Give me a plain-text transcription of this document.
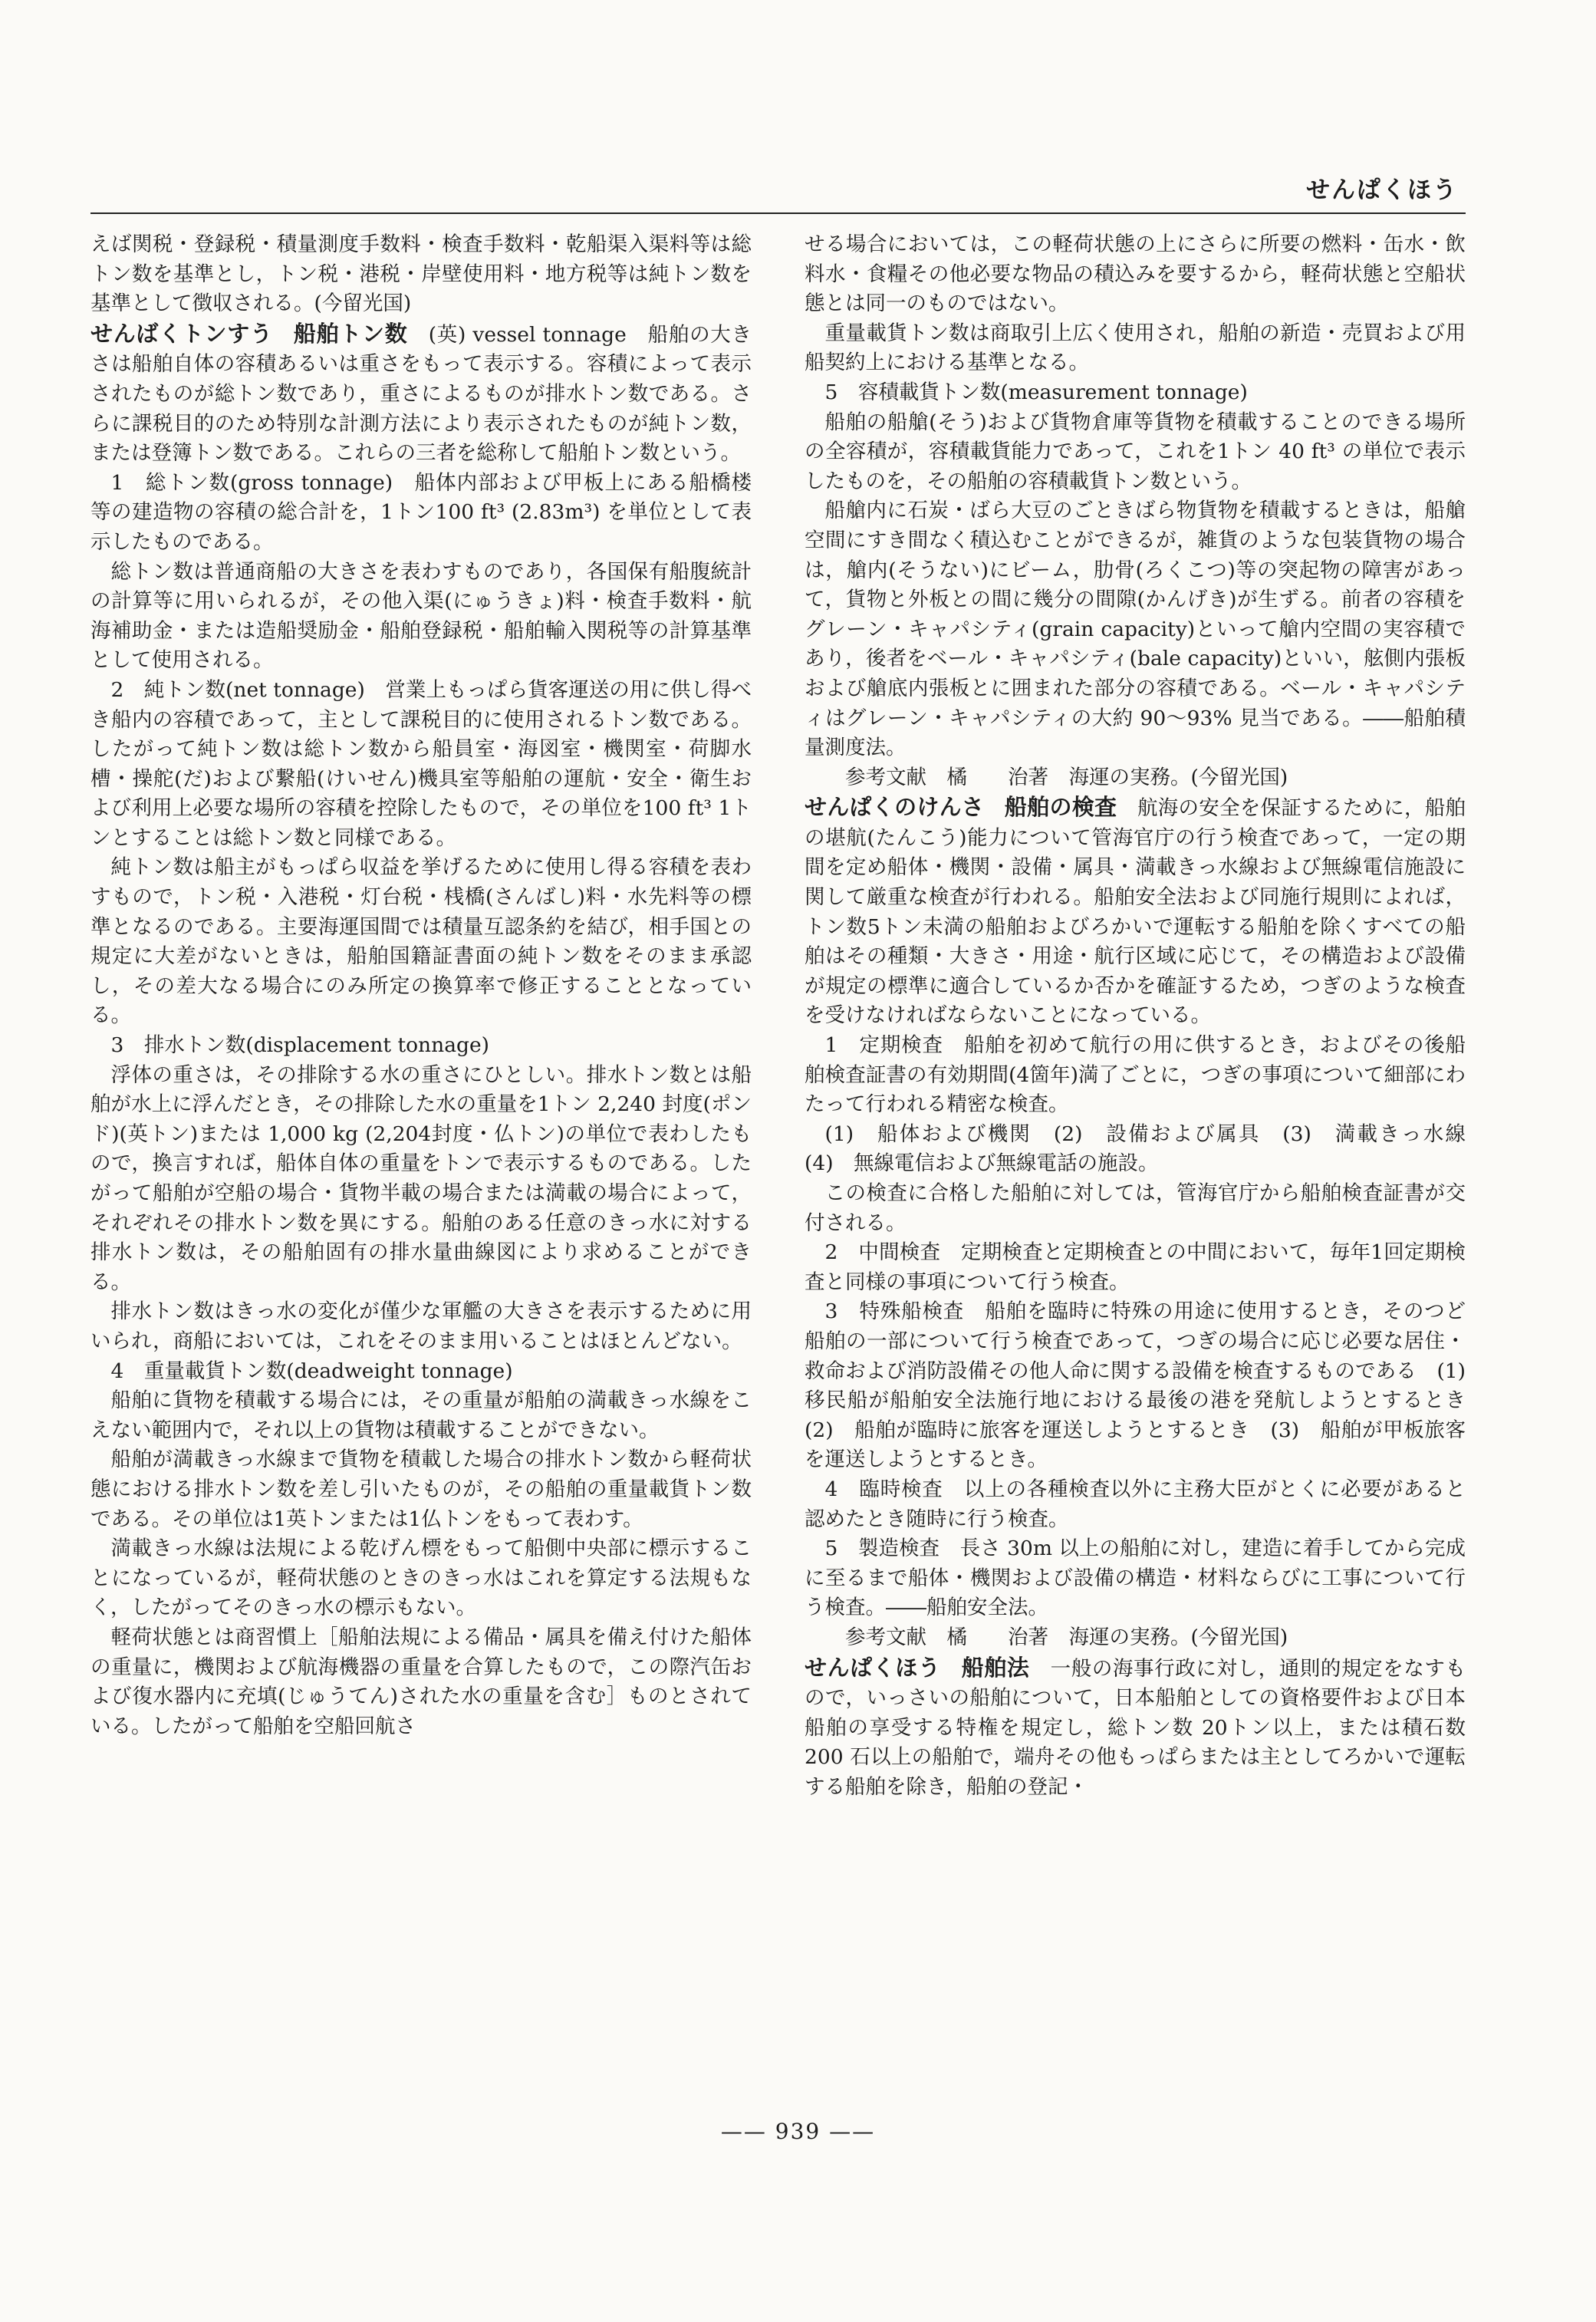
せんぱくほう

えば関税・登録税・積量測度手数料・検査手数料・乾船渠入渠料等は総トン数を基準とし，トン税・港税・岸壁使用料・地方税等は純トン数を基準として徴収される。(今留光国)

せんばくトンすう　 船舶トン数　 (英) vessel tonnage　船舶の大きさは船舶自体の容積あるいは重さをもって表示する。容積によって表示されたものが総トン数であり，重さによるものが排水トン数である。さらに課税目的のため特別な計測方法により表示されたものが純トン数，または登簿トン数である。これらの三者を総称して船舶トン数という。

1　総トン数(gross tonnage)　船体内部および甲板上にある船橋楼等の建造物の容積の総合計を，1トン100 ft³ (2.83m³) を単位として表示したものである。

総トン数は普通商船の大きさを表わすものであり，各国保有船腹統計の計算等に用いられるが，その他入渠(にゅうきょ)料・検査手数料・航海補助金・または造船奨励金・船舶登録税・船舶輸入関税等の計算基準として使用される。

2　純トン数(net tonnage)　営業上もっぱら貨客運送の用に供し得べき船内の容積であって，主として課税目的に使用されるトン数である。したがって純トン数は総トン数から船員室・海図室・機関室・荷脚水槽・操舵(だ)および繋船(けいせん)機具室等船舶の運航・安全・衛生および利用上必要な場所の容積を控除したもので，その単位を100 ft³ 1トンとすることは総トン数と同様である。

純トン数は船主がもっぱら収益を挙げるために使用し得る容積を表わすもので，トン税・入港税・灯台税・桟橋(さんばし)料・水先料等の標準となるのである。主要海運国間では積量互認条約を結び，相手国との規定に大差がないときは，船舶国籍証書面の純トン数をそのまま承認し，その差大なる場合にのみ所定の換算率で修正することとなっている。

3　排水トン数(displacement tonnage)

浮体の重さは，その排除する水の重さにひとしい。排水トン数とは船舶が水上に浮んだとき，その排除した水の重量を1トン 2,240 封度(ポンド)(英トン)または 1,000 kg (2,204封度・仏トン)の単位で表わしたもので，換言すれば，船体自体の重量をトンで表示するものである。したがって船舶が空船の場合・貨物半載の場合または満載の場合によって，それぞれその排水トン数を異にする。船舶のある任意のきっ水に対する排水トン数は，その船舶固有の排水量曲線図により求めることができる。

排水トン数はきっ水の変化が僅少な軍艦の大きさを表示するために用いられ，商船においては，これをそのまま用いることはほとんどない。

4　重量載貨トン数(deadweight tonnage)

船舶に貨物を積載する場合には，その重量が船舶の満載きっ水線をこえない範囲内で，それ以上の貨物は積載することができない。

船舶が満載きっ水線まで貨物を積載した場合の排水トン数から軽荷状態における排水トン数を差し引いたものが，その船舶の重量載貨トン数である。その単位は1英トンまたは1仏トンをもって表わす。

満載きっ水線は法規による乾げん標をもって船側中央部に標示することになっているが，軽荷状態のときのきっ水はこれを算定する法規もなく，したがってそのきっ水の標示もない。

軽荷状態とは商習慣上［船舶法規による備品・属具を備え付けた船体の重量に，機関および航海機器の重量を合算したもので，この際汽缶および復水器内に充填(じゅうてん)された水の重量を含む］ものとされている。したがって船舶を空船回航さ

せる場合においては，この軽荷状態の上にさらに所要の燃料・缶水・飲料水・食糧その他必要な物品の積込みを要するから，軽荷状態と空船状態とは同一のものではない。

重量載貨トン数は商取引上広く使用され，船舶の新造・売買および用船契約上における基準となる。

5　容積載貨トン数(measurement tonnage)

船舶の船艙(そう)および貨物倉庫等貨物を積載することのできる場所の全容積が，容積載貨能力であって，これを1トン 40 ft³ の単位で表示したものを，その船舶の容積載貨トン数という。

船艙内に石炭・ばら大豆のごときばら物貨物を積載するときは，船艙空間にすき間なく積込むことができるが，雑貨のような包装貨物の場合は，艙内(そうない)にビーム，肋骨(ろくこつ)等の突起物の障害があって，貨物と外板との間に幾分の間隙(かんげき)が生ずる。前者の容積をグレーン・キャパシティ(grain capacity)といって艙内空間の実容積であり，後者をベール・キャパシティ(bale capacity)といい，舷側内張板および艙底内張板とに囲まれた部分の容積である。ベール・キャパシティはグレーン・キャパシティの大約 90～93% 見当である。――船舶積量測度法。

参考文献　橘　　治著　海運の実務。(今留光国)

せんぱくのけんさ　 船舶の検査　 航海の安全を保証するために，船舶の堪航(たんこう)能力について管海官庁の行う検査であって，一定の期間を定め船体・機関・設備・属具・満載きっ水線および無線電信施設に関して厳重な検査が行われる。船舶安全法および同施行規則によれば，トン数5トン未満の船舶およびろかいで運転する船舶を除くすべての船舶はその種類・大きさ・用途・航行区域に応じて，その構造および設備が規定の標準に適合しているか否かを確証するため，つぎのような検査を受けなければならないことになっている。

1　定期検査　船舶を初めて航行の用に供するとき，およびその後船舶検査証書の有効期間(4箇年)満了ごとに，つぎの事項について細部にわたって行われる精密な検査。

(1)　船体および機関　(2)　設備および属具　(3)　満載きっ水線　(4)　無線電信および無線電話の施設。

この検査に合格した船舶に対しては，管海官庁から船舶検査証書が交付される。

2　中間検査　定期検査と定期検査との中間において，毎年1回定期検査と同様の事項について行う検査。

3　特殊船検査　船舶を臨時に特殊の用途に使用するとき，そのつど船舶の一部について行う検査であって，つぎの場合に応じ必要な居住・救命および消防設備その他人命に関する設備を検査するものである　(1)　移民船が船舶安全法施行地における最後の港を発航しようとするとき　(2)　船舶が臨時に旅客を運送しようとするとき　(3)　船舶が甲板旅客を運送しようとするとき。

4　臨時検査　以上の各種検査以外に主務大臣がとくに必要があると認めたとき随時に行う検査。

5　製造検査　長さ 30m 以上の船舶に対し，建造に着手してから完成に至るまで船体・機関および設備の構造・材料ならびに工事について行う検査。――船舶安全法。

参考文献　橘　　治著　海運の実務。(今留光国)

せんぱくほう　 船舶法　 一般の海事行政に対し，通則的規定をなすもので，いっさいの船舶について，日本船舶としての資格要件および日本船舶の享受する特権を規定し，総トン数 20トン以上，または積石数 200 石以上の船舶で，端舟その他もっぱらまたは主としてろかいで運転する船舶を除き，船舶の登記・

—— 939 ——
